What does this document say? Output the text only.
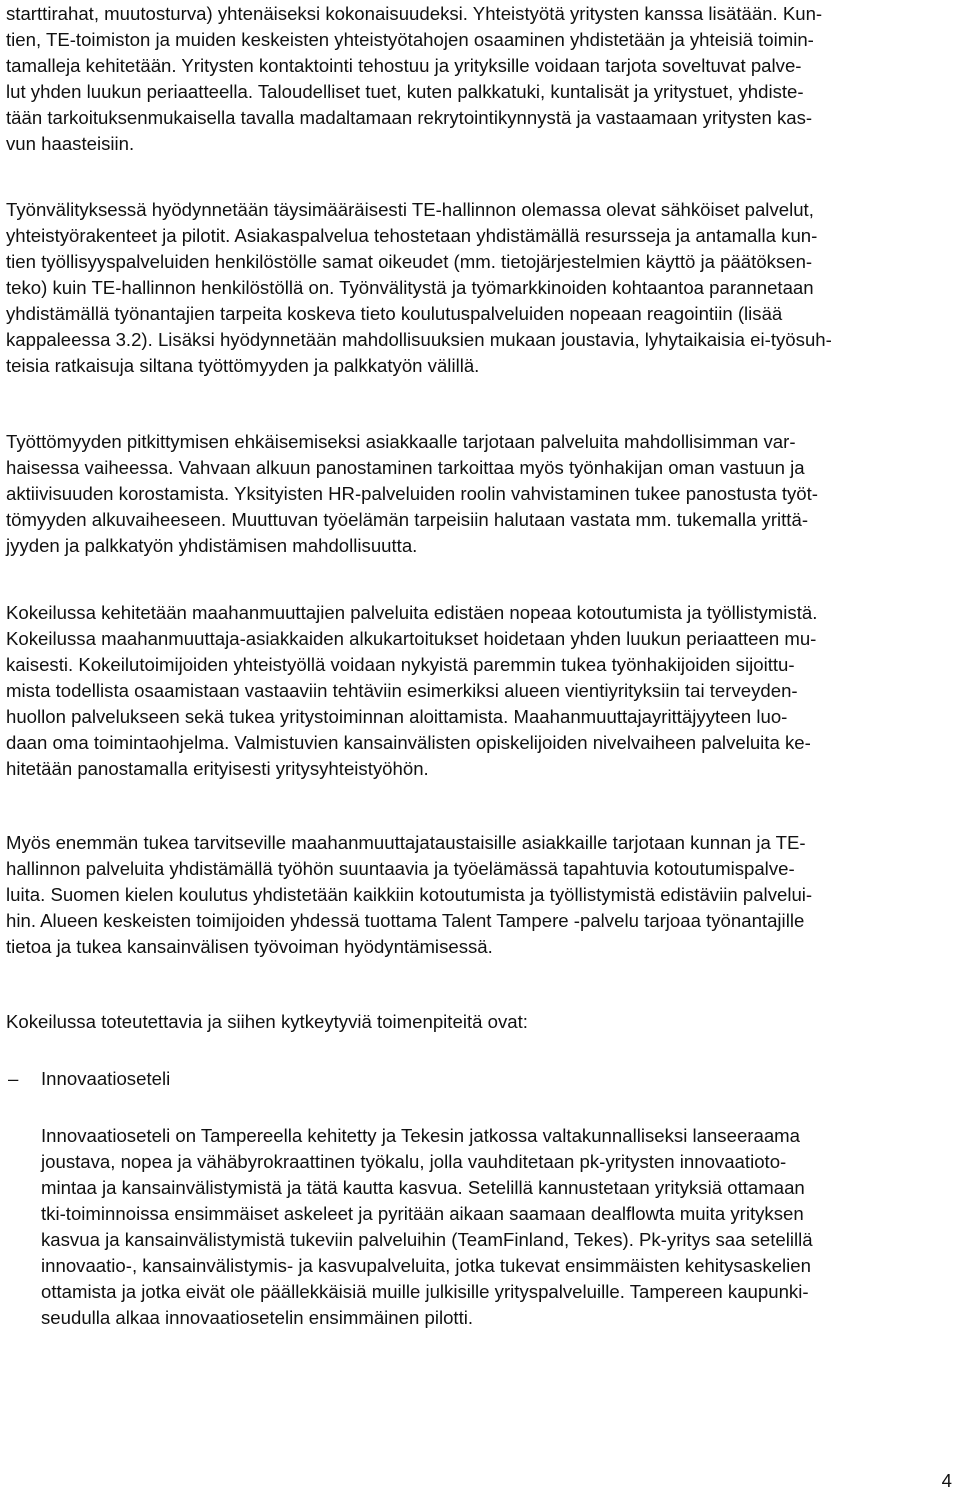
starttirahat, muutosturva) yhtenäiseksi kokonaisuudeksi. Yhteistyötä yritysten kanssa lisätään. Kun-
tien, TE-toimiston ja muiden keskeisten yhteistyötahojen osaaminen yhdistetään ja yhteisiä toimin-
tamalleja kehitetään. Yritysten kontaktointi tehostuu ja yrityksille voidaan tarjota soveltuvat palve-
lut yhden luukun periaatteella. Taloudelliset tuet, kuten palkkatuki, kuntalisät ja yritystuet, yhdiste-
tään tarkoituksenmukaisella tavalla madaltamaan rekrytointikynnystä ja vastaamaan yritysten kas-
vun haasteisiin.
Työnvälityksessä hyödynnetään täysimääräisesti TE-hallinnon olemassa olevat sähköiset palvelut,
yhteistyörakenteet ja pilotit. Asiakaspalvelua tehostetaan yhdistämällä resursseja ja antamalla kun-
tien työllisyyspalveluiden henkilöstölle samat oikeudet (mm. tietojärjestelmien käyttö ja päätöksen-
teko) kuin TE-hallinnon henkilöstöllä on. Työnvälitystä ja työmarkkinoiden kohtaantoa parannetaan
yhdistämällä työnantajien tarpeita koskeva tieto koulutuspalveluiden nopeaan reagointiin (lisää
kappaleessa 3.2). Lisäksi hyödynnetään mahdollisuuksien mukaan joustavia, lyhytaikaisia ei-työsuh-
teisia ratkaisuja siltana työttömyyden ja palkkatyön välillä.
Työttömyyden pitkittymisen ehkäisemiseksi asiakkaalle tarjotaan palveluita mahdollisimman var-
haisessa vaiheessa. Vahvaan alkuun panostaminen tarkoittaa myös työnhakijan oman vastuun ja
aktiivisuuden korostamista. Yksityisten HR-palveluiden roolin vahvistaminen tukee panostusta työt-
tömyyden alkuvaiheeseen. Muuttuvan työelämän tarpeisiin halutaan vastata mm. tukemalla yrittä-
jyyden ja palkkatyön yhdistämisen mahdollisuutta.
Kokeilussa kehitetään maahanmuuttajien palveluita edistäen nopeaa kotoutumista ja työllistymistä.
Kokeilussa maahanmuuttaja-asiakkaiden alkukartoitukset hoidetaan yhden luukun periaatteen mu-
kaisesti. Kokeilutoimijoiden yhteistyöllä voidaan nykyistä paremmin tukea työnhakijoiden sijoittu-
mista todellista osaamistaan vastaaviin tehtäviin esimerkiksi alueen vientiyrityksiin tai terveyden-
huollon palvelukseen sekä tukea yritystoiminnan aloittamista. Maahanmuuttajayrittäjyyteen luo-
daan oma toimintaohjelma. Valmistuvien kansainvälisten opiskelijoiden nivelvaiheen palveluita ke-
hitetään panostamalla erityisesti yritysyhteistyöhön.
Myös enemmän tukea tarvitseville maahanmuuttajataustaisille asiakkaille tarjotaan kunnan ja TE-
hallinnon palveluita yhdistämällä työhön suuntaavia ja työelämässä tapahtuvia kotoutumispalve-
luita. Suomen kielen koulutus yhdistetään kaikkiin kotoutumista ja työllistymistä edistäviin palvelui-
hin. Alueen keskeisten toimijoiden yhdessä tuottama Talent Tampere -palvelu tarjoaa työnantajille
tietoa ja tukea kansainvälisen työvoiman hyödyntämisessä.
Kokeilussa toteutettavia ja siihen kytkeytyviä toimenpiteitä ovat:
– Innovaatioseteli
Innovaatioseteli on Tampereella kehitetty ja Tekesin jatkossa valtakunnalliseksi lanseeraama
joustava, nopea ja vähäbyrokraattinen työkalu, jolla vauhditetaan pk-yritysten innovaatioto-
mintaa ja kansainvälistymistä ja tätä kautta kasvua. Setelillä kannustetaan yrityksiä ottamaan
tki-toiminnoissa ensimmäiset askeleet ja pyritään aikaan saamaan dealflowta muita yrityksen
kasvua ja kansainvälistymistä tukeviin palveluihin (TeamFinland, Tekes). Pk-yritys saa setelillä
innovaatio-, kansainvälistymis- ja kasvupalveluita, jotka tukevat ensimmäisten kehitysaskelien
ottamista ja jotka eivät ole päällekkäisiä muille julkisille yrityspalveluille. Tampereen kaupunki-
seudulla alkaa innovaatiosetelin ensimmäinen pilotti.
4
